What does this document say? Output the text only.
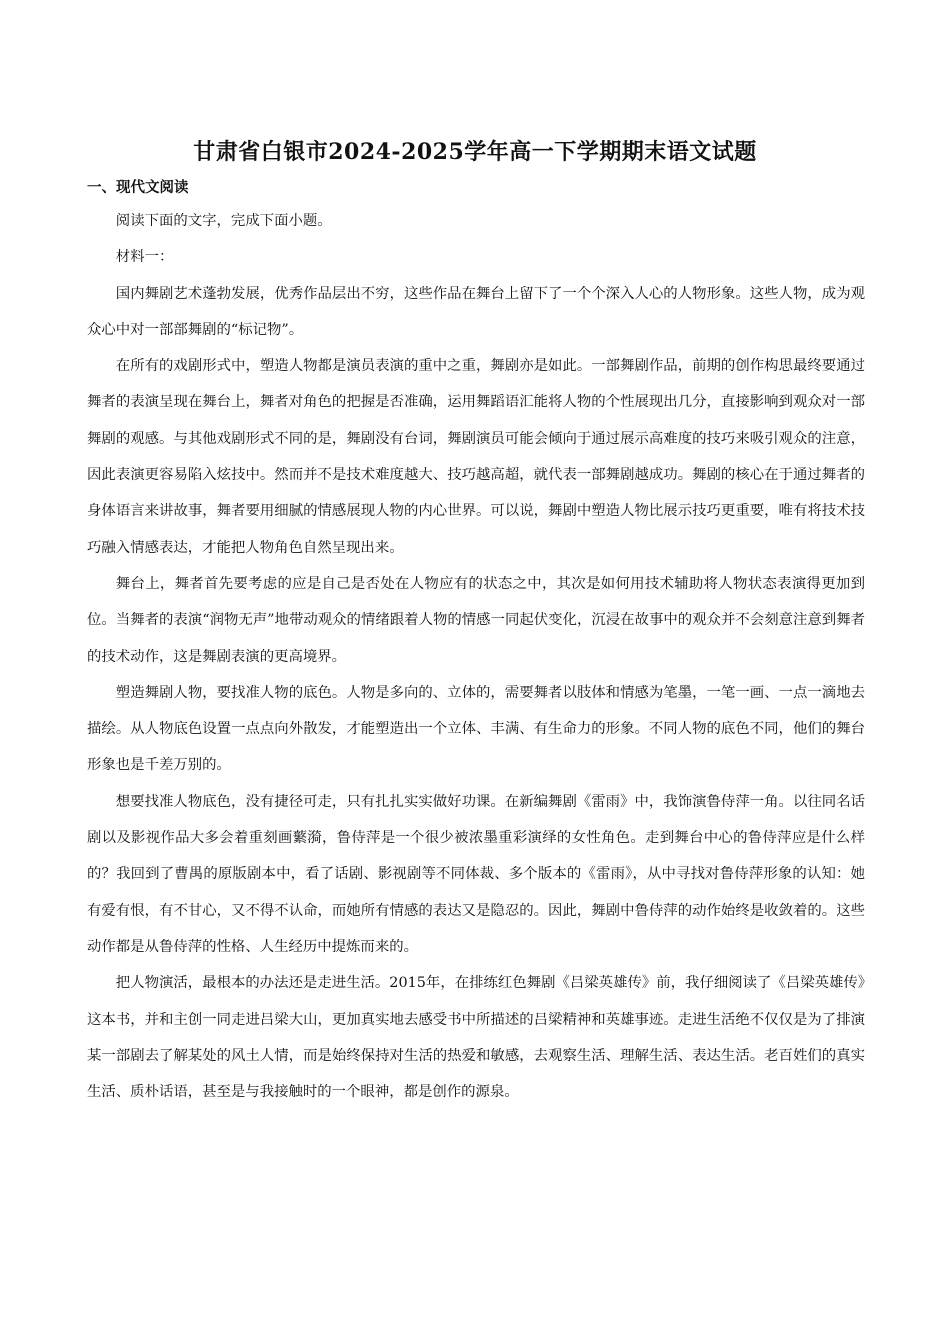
甘肃省白银市2024-2025学年高一下学期期末语文试题
一、现代文阅读

阅读下面的文字，完成下面小题。

材料一：

国内舞剧艺术蓬勃发展，优秀作品层出不穷，这些作品在舞台上留下了一个个深入人心的人物形象。这些人物，成为观众心中对一部部舞剧的“标记物”。

在所有的戏剧形式中，塑造人物都是演员表演的重中之重，舞剧亦是如此。一部舞剧作品，前期的创作构思最终要通过舞者的表演呈现在舞台上，舞者对角色的把握是否准确，运用舞蹈语汇能将人物的个性展现出几分，直接影响到观众对一部舞剧的观感。与其他戏剧形式不同的是，舞剧没有台词，舞剧演员可能会倾向于通过展示高难度的技巧来吸引观众的注意，因此表演更容易陷入炫技中。然而并不是技术难度越大、技巧越高超，就代表一部舞剧越成功。舞剧的核心在于通过舞者的身体语言来讲故事，舞者要用细腻的情感展现人物的内心世界。可以说，舞剧中塑造人物比展示技巧更重要，唯有将技术技巧融入情感表达，才能把人物角色自然呈现出来。

舞台上，舞者首先要考虑的应是自己是否处在人物应有的状态之中，其次是如何用技术辅助将人物状态表演得更加到位。当舞者的表演“润物无声”地带动观众的情绪跟着人物的情感一同起伏变化，沉浸在故事中的观众并不会刻意注意到舞者的技术动作，这是舞剧表演的更高境界。

塑造舞剧人物，要找准人物的底色。人物是多向的、立体的，需要舞者以肢体和情感为笔墨，一笔一画、一点一滴地去描绘。从人物底色设置一点点向外散发，才能塑造出一个立体、丰满、有生命力的形象。不同人物的底色不同，他们的舞台形象也是千差万别的。

想要找准人物底色，没有捷径可走，只有扎扎实实做好功课。在新编舞剧《雷雨》中，我饰演鲁侍萍一角。以往同名话剧以及影视作品大多会着重刻画蘩漪，鲁侍萍是一个很少被浓墨重彩演绎的女性角色。走到舞台中心的鲁侍萍应是什么样的？我回到了曹禺的原版剧本中，看了话剧、影视剧等不同体裁、多个版本的《雷雨》，从中寻找对鲁侍萍形象的认知：她有爱有恨，有不甘心，又不得不认命，而她所有情感的表达又是隐忍的。因此，舞剧中鲁侍萍的动作始终是收敛着的。这些动作都是从鲁侍萍的性格、人生经历中提炼而来的。

把人物演活，最根本的办法还是走进生活。2015年，在排练红色舞剧《吕梁英雄传》前，我仔细阅读了《吕梁英雄传》这本书，并和主创一同走进吕梁大山，更加真实地去感受书中所描述的吕梁精神和英雄事迹。走进生活绝不仅仅是为了排演某一部剧去了解某处的风土人情，而是始终保持对生活的热爱和敏感，去观察生活、理解生活、表达生活。老百姓们的真实生活、质朴话语，甚至是与我接触时的一个眼神，都是创作的源泉。
